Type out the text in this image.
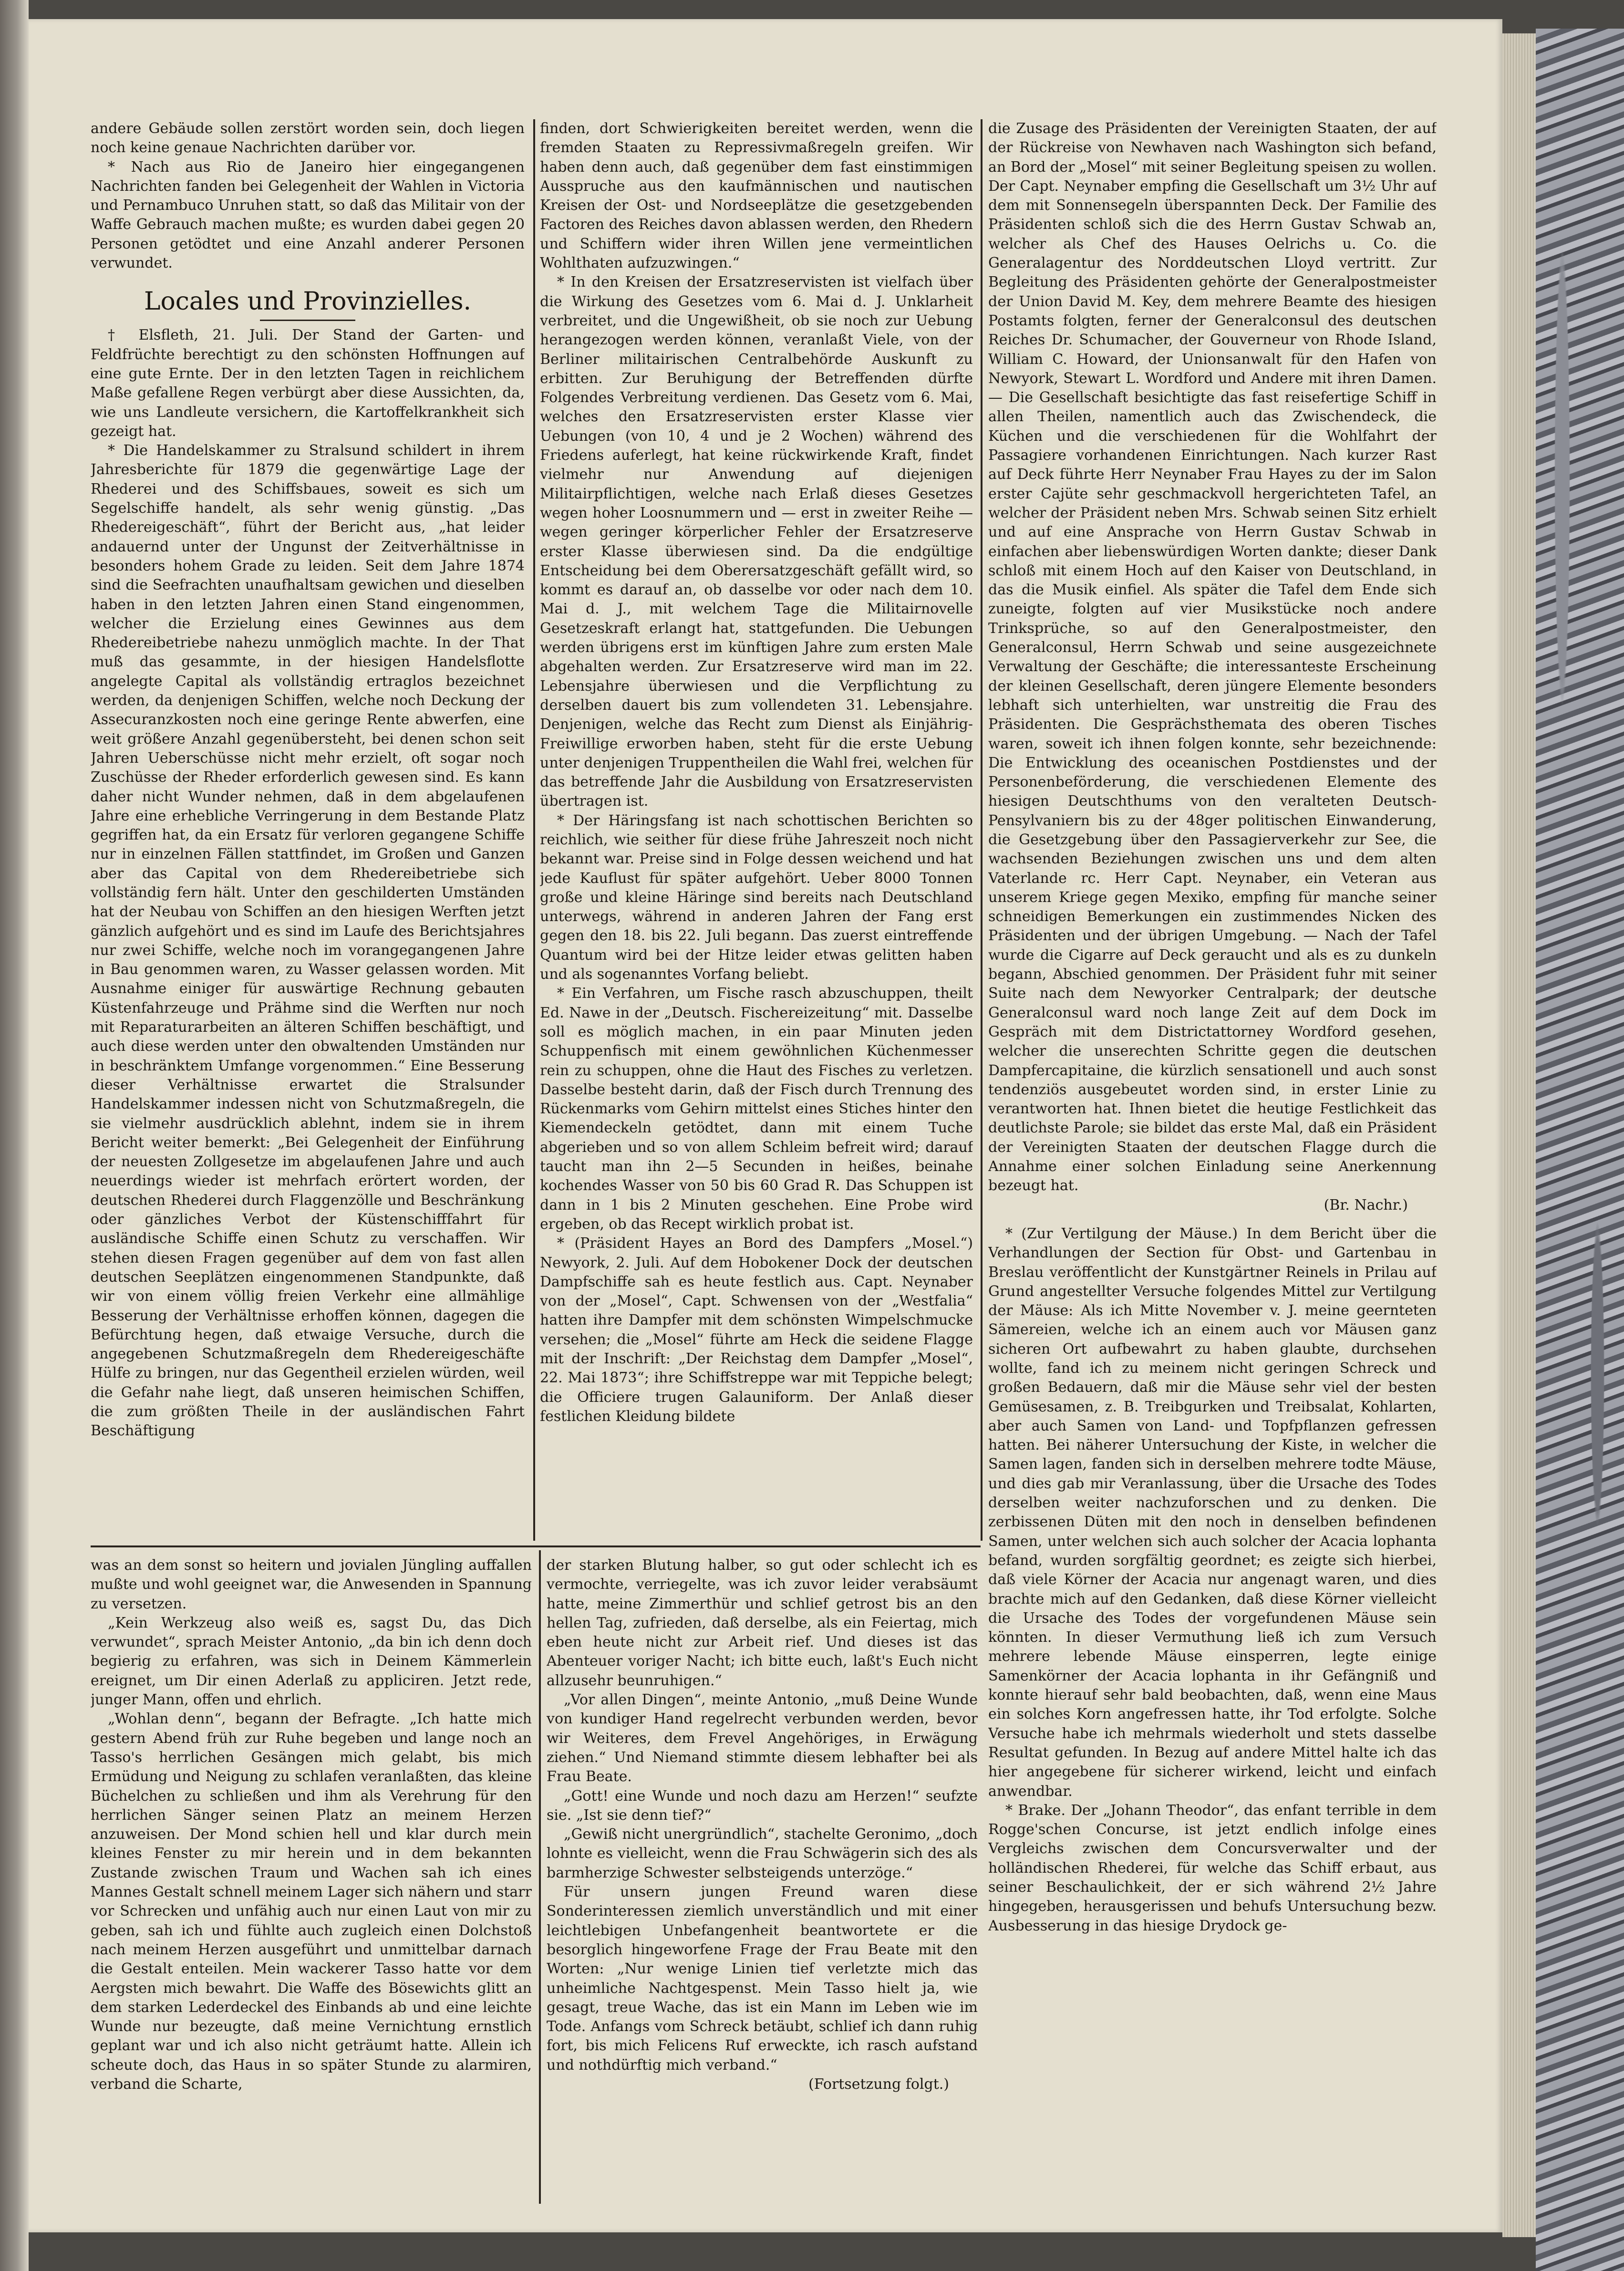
andere Gebäude sollen zerstört worden sein, doch liegen noch keine genaue Nachrichten darüber vor.

* Nach aus Rio de Janeiro hier eingegangenen Nachrichten fanden bei Gelegenheit der Wahlen in Victoria und Pernambuco Unruhen statt, so daß das Militair von der Waffe Gebrauch machen mußte; es wurden dabei gegen 20 Personen getödtet und eine Anzahl anderer Personen verwundet.

Locales und Provinzielles.

† Elsfleth, 21. Juli. Der Stand der Garten- und Feldfrüchte berechtigt zu den schönsten Hoffnungen auf eine gute Ernte. Der in den letzten Tagen in reichlichem Maße gefallene Regen verbürgt aber diese Aussichten, da, wie uns Landleute versichern, die Kartoffelkrankheit sich gezeigt hat.

* Die Handelskammer zu Stralsund schildert in ihrem Jahresberichte für 1879 die gegenwärtige Lage der Rhederei und des Schiffsbaues, soweit es sich um Segelschiffe handelt, als sehr wenig günstig. „Das Rhedereigeschäft“, führt der Bericht aus, „hat leider andauernd unter der Ungunst der Zeitverhältnisse in besonders hohem Grade zu leiden. Seit dem Jahre 1874 sind die Seefrachten unaufhaltsam gewichen und dieselben haben in den letzten Jahren einen Stand eingenommen, welcher die Erzielung eines Gewinnes aus dem Rhedereibetriebe nahezu unmöglich machte. In der That muß das gesammte, in der hiesigen Handelsflotte angelegte Capital als vollständig ertraglos bezeichnet werden, da denjenigen Schiffen, welche noch Deckung der Assecuranzkosten noch eine geringe Rente abwerfen, eine weit größere Anzahl gegenübersteht, bei denen schon seit Jahren Ueberschüsse nicht mehr erzielt, oft sogar noch Zuschüsse der Rheder erforderlich gewesen sind. Es kann daher nicht Wunder nehmen, daß in dem abgelaufenen Jahre eine erhebliche Verringerung in dem Bestande Platz gegriffen hat, da ein Ersatz für verloren gegangene Schiffe nur in einzelnen Fällen stattfindet, im Großen und Ganzen aber das Capital von dem Rhedereibetriebe sich vollständig fern hält. Unter den geschilderten Umständen hat der Neubau von Schiffen an den hiesigen Werften jetzt gänzlich aufgehört und es sind im Laufe des Berichtsjahres nur zwei Schiffe, welche noch im vorangegangenen Jahre in Bau genommen waren, zu Wasser gelassen worden. Mit Ausnahme einiger für auswärtige Rechnung gebauten Küstenfahrzeuge und Prähme sind die Werften nur noch mit Reparaturarbeiten an älteren Schiffen beschäftigt, und auch diese werden unter den obwaltenden Umständen nur in beschränktem Umfange vorgenommen.“ Eine Besserung dieser Verhältnisse erwartet die Stralsunder Handelskammer indessen nicht von Schutzmaßregeln, die sie vielmehr ausdrücklich ablehnt, indem sie in ihrem Bericht weiter bemerkt: „Bei Gelegenheit der Einführung der neuesten Zollgesetze im abgelaufenen Jahre und auch neuerdings wieder ist mehrfach erörtert worden, der deutschen Rhederei durch Flaggenzölle und Beschränkung oder gänzliches Verbot der Küstenschifffahrt für ausländische Schiffe einen Schutz zu verschaffen. Wir stehen diesen Fragen gegenüber auf dem von fast allen deutschen Seeplätzen eingenommenen Standpunkte, daß wir von einem völlig freien Verkehr eine allmählige Besserung der Verhältnisse erhoffen können, dagegen die Befürchtung hegen, daß etwaige Versuche, durch die angegebenen Schutzmaßregeln dem Rhedereigeschäfte Hülfe zu bringen, nur das Gegentheil erzielen würden, weil die Gefahr nahe liegt, daß unseren heimischen Schiffen, die zum größten Theile in der ausländischen Fahrt Beschäftigung

finden, dort Schwierigkeiten bereitet werden, wenn die fremden Staaten zu Repressivmaßregeln greifen. Wir haben denn auch, daß gegenüber dem fast einstimmigen Ausspruche aus den kaufmännischen und nautischen Kreisen der Ost- und Nordseeplätze die gesetzgebenden Factoren des Reiches davon ablassen werden, den Rhedern und Schiffern wider ihren Willen jene vermeintlichen Wohlthaten aufzuzwingen.“

* In den Kreisen der Ersatzreservisten ist vielfach über die Wirkung des Gesetzes vom 6. Mai d. J. Unklarheit verbreitet, und die Ungewißheit, ob sie noch zur Uebung herangezogen werden können, veranlaßt Viele, von der Berliner militairischen Centralbehörde Auskunft zu erbitten. Zur Beruhigung der Betreffenden dürfte Folgendes Verbreitung verdienen. Das Gesetz vom 6. Mai, welches den Ersatzreservisten erster Klasse vier Uebungen (von 10, 4 und je 2 Wochen) während des Friedens auferlegt, hat keine rückwirkende Kraft, findet vielmehr nur Anwendung auf diejenigen Militairpflichtigen, welche nach Erlaß dieses Gesetzes wegen hoher Loosnummern und — erst in zweiter Reihe — wegen geringer körperlicher Fehler der Ersatzreserve erster Klasse überwiesen sind. Da die endgültige Entscheidung bei dem Oberersatzgeschäft gefällt wird, so kommt es darauf an, ob dasselbe vor oder nach dem 10. Mai d. J., mit welchem Tage die Militairnovelle Gesetzeskraft erlangt hat, stattgefunden. Die Uebungen werden übrigens erst im künftigen Jahre zum ersten Male abgehalten werden. Zur Ersatzreserve wird man im 22. Lebensjahre überwiesen und die Verpflichtung zu derselben dauert bis zum vollendeten 31. Lebensjahre. Denjenigen, welche das Recht zum Dienst als Einjährig-Freiwillige erworben haben, steht für die erste Uebung unter denjenigen Truppentheilen die Wahl frei, welchen für das betreffende Jahr die Ausbildung von Ersatzreservisten übertragen ist.

* Der Häringsfang ist nach schottischen Berichten so reichlich, wie seither für diese frühe Jahreszeit noch nicht bekannt war. Preise sind in Folge dessen weichend und hat jede Kauflust für später aufgehört. Ueber 8000 Tonnen große und kleine Häringe sind bereits nach Deutschland unterwegs, während in anderen Jahren der Fang erst gegen den 18. bis 22. Juli begann. Das zuerst eintreffende Quantum wird bei der Hitze leider etwas gelitten haben und als sogenanntes Vorfang beliebt.

* Ein Verfahren, um Fische rasch abzuschuppen, theilt Ed. Nawe in der „Deutsch. Fischereizeitung“ mit. Dasselbe soll es möglich machen, in ein paar Minuten jeden Schuppenfisch mit einem gewöhnlichen Küchenmesser rein zu schuppen, ohne die Haut des Fisches zu verletzen. Dasselbe besteht darin, daß der Fisch durch Trennung des Rückenmarks vom Gehirn mittelst eines Stiches hinter den Kiemendeckeln getödtet, dann mit einem Tuche abgerieben und so von allem Schleim befreit wird; darauf taucht man ihn 2—5 Secunden in heißes, beinahe kochendes Wasser von 50 bis 60 Grad R. Das Schuppen ist dann in 1 bis 2 Minuten geschehen. Eine Probe wird ergeben, ob das Recept wirklich probat ist.

* (Präsident Hayes an Bord des Dampfers „Mosel.“) Newyork, 2. Juli. Auf dem Hobokener Dock der deutschen Dampfschiffe sah es heute festlich aus. Capt. Neynaber von der „Mosel“, Capt. Schwensen von der „Westfalia“ hatten ihre Dampfer mit dem schönsten Wimpelschmucke versehen; die „Mosel“ führte am Heck die seidene Flagge mit der Inschrift: „Der Reichstag dem Dampfer „Mosel“, 22. Mai 1873“; ihre Schiffstreppe war mit Teppiche belegt; die Officiere trugen Galauniform. Der Anlaß dieser festlichen Kleidung bildete

die Zusage des Präsidenten der Vereinigten Staaten, der auf der Rückreise von Newhaven nach Washington sich befand, an Bord der „Mosel“ mit seiner Begleitung speisen zu wollen. Der Capt. Neynaber empfing die Gesellschaft um 3½ Uhr auf dem mit Sonnensegeln überspannten Deck. Der Familie des Präsidenten schloß sich die des Herrn Gustav Schwab an, welcher als Chef des Hauses Oelrichs u. Co. die Generalagentur des Norddeutschen Lloyd vertritt. Zur Begleitung des Präsidenten gehörte der Generalpostmeister der Union David M. Key, dem mehrere Beamte des hiesigen Postamts folgten, ferner der Generalconsul des deutschen Reiches Dr. Schumacher, der Gouverneur von Rhode Island, William C. Howard, der Unionsanwalt für den Hafen von Newyork, Stewart L. Wordford und Andere mit ihren Damen. — Die Gesellschaft besichtigte das fast reisefertige Schiff in allen Theilen, namentlich auch das Zwischendeck, die Küchen und die verschiedenen für die Wohlfahrt der Passagiere vorhandenen Einrichtungen. Nach kurzer Rast auf Deck führte Herr Neynaber Frau Hayes zu der im Salon erster Cajüte sehr geschmackvoll hergerichteten Tafel, an welcher der Präsident neben Mrs. Schwab seinen Sitz erhielt und auf eine Ansprache von Herrn Gustav Schwab in einfachen aber liebenswürdigen Worten dankte; dieser Dank schloß mit einem Hoch auf den Kaiser von Deutschland, in das die Musik einfiel. Als später die Tafel dem Ende sich zuneigte, folgten auf vier Musikstücke noch andere Trinksprüche, so auf den Generalpostmeister, den Generalconsul, Herrn Schwab und seine ausgezeichnete Verwaltung der Geschäfte; die interessanteste Erscheinung der kleinen Gesellschaft, deren jüngere Elemente besonders lebhaft sich unterhielten, war unstreitig die Frau des Präsidenten. Die Gesprächsthemata des oberen Tisches waren, soweit ich ihnen folgen konnte, sehr bezeichnende: Die Entwicklung des oceanischen Postdienstes und der Personenbeförderung, die verschiedenen Elemente des hiesigen Deutschthums von den veralteten Deutsch-Pensylvaniern bis zu der 48ger politischen Einwanderung, die Gesetzgebung über den Passagierverkehr zur See, die wachsenden Beziehungen zwischen uns und dem alten Vaterlande rc. Herr Capt. Neynaber, ein Veteran aus unserem Kriege gegen Mexiko, empfing für manche seiner schneidigen Bemerkungen ein zustimmendes Nicken des Präsidenten und der übrigen Umgebung. — Nach der Tafel wurde die Cigarre auf Deck geraucht und als es zu dunkeln begann, Abschied genommen. Der Präsident fuhr mit seiner Suite nach dem Newyorker Centralpark; der deutsche Generalconsul ward noch lange Zeit auf dem Dock im Gespräch mit dem Districtattorney Wordford gesehen, welcher die unserechten Schritte gegen die deutschen Dampfercapitaine, die kürzlich sensationell und auch sonst tendenziös ausgebeutet worden sind, in erster Linie zu verantworten hat. Ihnen bietet die heutige Festlichkeit das deutlichste Parole; sie bildet das erste Mal, daß ein Präsident der Vereinigten Staaten der deutschen Flagge durch die Annahme einer solchen Einladung seine Anerkennung bezeugt hat.

(Br. Nachr.)

* (Zur Vertilgung der Mäuse.) In dem Bericht über die Verhandlungen der Section für Obst- und Gartenbau in Breslau veröffentlicht der Kunstgärtner Reinels in Prilau auf Grund angestellter Versuche folgendes Mittel zur Vertilgung der Mäuse: Als ich Mitte November v. J. meine geernteten Sämereien, welche ich an einem auch vor Mäusen ganz sicheren Ort aufbewahrt zu haben glaubte, durchsehen wollte, fand ich zu meinem nicht geringen Schreck und großen Bedauern, daß mir die Mäuse sehr viel der besten Gemüsesamen, z. B. Treibgurken und Treibsalat, Kohlarten, aber auch Samen von Land- und Topfpflanzen gefressen hatten. Bei näherer Untersuchung der Kiste, in welcher die Samen lagen, fanden sich in derselben mehrere todte Mäuse, und dies gab mir Veranlassung, über die Ursache des Todes derselben weiter nachzuforschen und zu denken. Die zerbissenen Düten mit den noch in denselben befindenen Samen, unter welchen sich auch solcher der Acacia lophanta befand, wurden sorgfältig geordnet; es zeigte sich hierbei, daß viele Körner der Acacia nur angenagt waren, und dies brachte mich auf den Gedanken, daß diese Körner vielleicht die Ursache des Todes der vorgefundenen Mäuse sein könnten. In dieser Vermuthung ließ ich zum Versuch mehrere lebende Mäuse einsperren, legte einige Samenkörner der Acacia lophanta in ihr Gefängniß und konnte hierauf sehr bald beobachten, daß, wenn eine Maus ein solches Korn angefressen hatte, ihr Tod erfolgte. Solche Versuche habe ich mehrmals wiederholt und stets dasselbe Resultat gefunden. In Bezug auf andere Mittel halte ich das hier angegebene für sicherer wirkend, leicht und einfach anwendbar.

* Brake. Der „Johann Theodor“, das enfant terrible in dem Rogge'schen Concurse, ist jetzt endlich infolge eines Vergleichs zwischen dem Concursverwalter und der holländischen Rhederei, für welche das Schiff erbaut, aus seiner Beschaulichkeit, der er sich während 2½ Jahre hingegeben, herausgerissen und behufs Untersuchung bezw. Ausbesserung in das hiesige Drydock ge-

was an dem sonst so heitern und jovialen Jüngling auffallen mußte und wohl geeignet war, die Anwesenden in Spannung zu versetzen.

„Kein Werkzeug also weiß es, sagst Du, das Dich verwundet“, sprach Meister Antonio, „da bin ich denn doch begierig zu erfahren, was sich in Deinem Kämmerlein ereignet, um Dir einen Aderlaß zu appliciren. Jetzt rede, junger Mann, offen und ehrlich.

„Wohlan denn“, begann der Befragte. „Ich hatte mich gestern Abend früh zur Ruhe begeben und lange noch an Tasso's herrlichen Gesängen mich gelabt, bis mich Ermüdung und Neigung zu schlafen veranlaßten, das kleine Büchelchen zu schließen und ihm als Verehrung für den herrlichen Sänger seinen Platz an meinem Herzen anzuweisen. Der Mond schien hell und klar durch mein kleines Fenster zu mir herein und in dem bekannten Zustande zwischen Traum und Wachen sah ich eines Mannes Gestalt schnell meinem Lager sich nähern und starr vor Schrecken und unfähig auch nur einen Laut von mir zu geben, sah ich und fühlte auch zugleich einen Dolchstoß nach meinem Herzen ausgeführt und unmittelbar darnach die Gestalt enteilen. Mein wackerer Tasso hatte vor dem Aergsten mich bewahrt. Die Waffe des Bösewichts glitt an dem starken Lederdeckel des Einbands ab und eine leichte Wunde nur bezeugte, daß meine Vernichtung ernstlich geplant war und ich also nicht geträumt hatte. Allein ich scheute doch, das Haus in so später Stunde zu alarmiren, verband die Scharte,

der starken Blutung halber, so gut oder schlecht ich es vermochte, verriegelte, was ich zuvor leider verabsäumt hatte, meine Zimmerthür und schlief getrost bis an den hellen Tag, zufrieden, daß derselbe, als ein Feiertag, mich eben heute nicht zur Arbeit rief. Und dieses ist das Abenteuer voriger Nacht; ich bitte euch, laßt's Euch nicht allzusehr beunruhigen.“

„Vor allen Dingen“, meinte Antonio, „muß Deine Wunde von kundiger Hand regelrecht verbunden werden, bevor wir Weiteres, dem Frevel Angehöriges, in Erwägung ziehen.“ Und Niemand stimmte diesem lebhafter bei als Frau Beate.

„Gott! eine Wunde und noch dazu am Herzen!“ seufzte sie. „Ist sie denn tief?“

„Gewiß nicht unergründlich“, stachelte Geronimo, „doch lohnte es vielleicht, wenn die Frau Schwägerin sich des als barmherzige Schwester selbsteigends unterzöge.“

Für unsern jungen Freund waren diese Sonderinteressen ziemlich unverständlich und mit einer leichtlebigen Unbefangenheit beantwortete er die besorglich hingeworfene Frage der Frau Beate mit den Worten: „Nur wenige Linien tief verletzte mich das unheimliche Nachtgespenst. Mein Tasso hielt ja, wie gesagt, treue Wache, das ist ein Mann im Leben wie im Tode. Anfangs vom Schreck betäubt, schlief ich dann ruhig fort, bis mich Felicens Ruf erweckte, ich rasch aufstand und nothdürftig mich verband.“

(Fortsetzung folgt.)
